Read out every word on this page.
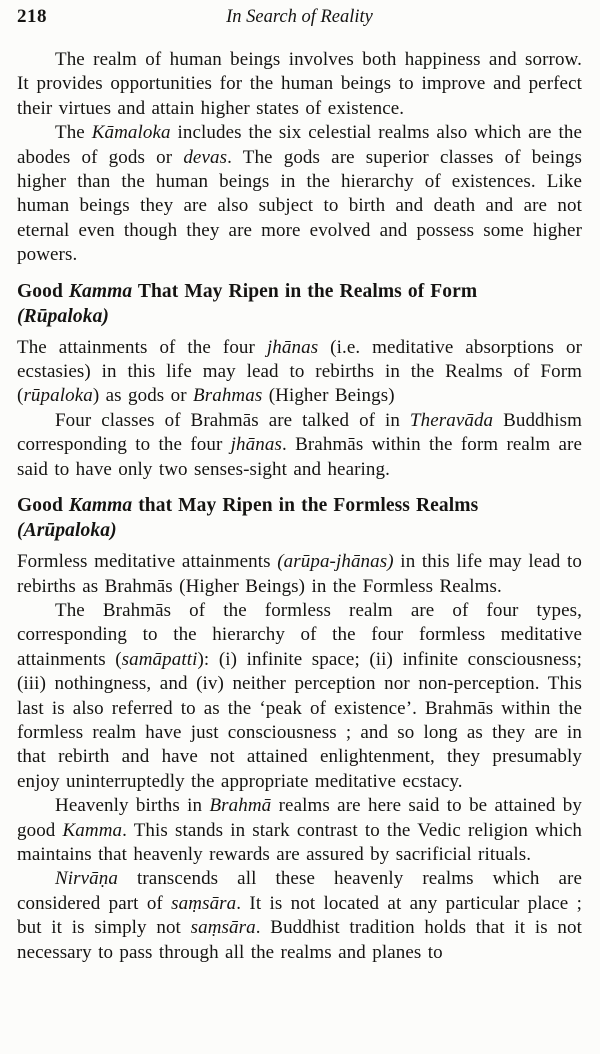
218	In Search of Reality

The realm of human beings involves both happiness and sorrow. It provides opportunities for the human beings to improve and perfect their virtues and attain higher states of existence.

The Kāmaloka includes the six celestial realms also which are the abodes of gods or devas. The gods are superior classes of beings higher than the human beings in the hierarchy of existences. Like human beings they are also subject to birth and death and are not eternal even though they are more evolved and possess some higher powers.

Good Kamma That May Ripen in the Realms of Form
(Rūpaloka)

The attainments of the four jhānas (i.e. meditative absorptions or ecstasies) in this life may lead to rebirths in the Realms of Form (rūpaloka) as gods or Brahmas (Higher Beings)

Four classes of Brahmās are talked of in Theravāda Buddhism corresponding to the four jhānas. Brahmās within the form realm are said to have only two senses-sight and hearing.

Good Kamma that May Ripen in the Formless Realms
(Arūpaloka)

Formless meditative attainments (arūpa-jhānas) in this life may lead to rebirths as Brahmās (Higher Beings) in the Formless Realms.

The Brahmās of the formless realm are of four types, corresponding to the hierarchy of the four formless meditative attainments (samāpatti): (i) infinite space; (ii) infinite consciousness; (iii) nothingness, and (iv) neither perception nor non-perception. This last is also referred to as the ‘peak of existence’. Brahmās within the formless realm have just consciousness ; and so long as they are in that rebirth and have not attained enlightenment, they presumably enjoy uninterruptedly the appropriate meditative ecstacy.

Heavenly births in Brahmā realms are here said to be attained by good Kamma. This stands in stark contrast to the Vedic religion which maintains that heavenly rewards are assured by sacrificial rituals.

Nirvāṇa transcends all these heavenly realms which are considered part of saṃsāra. It is not located at any particular place ; but it is simply not saṃsāra. Buddhist tradition holds that it is not necessary to pass through all the realms and planes to
